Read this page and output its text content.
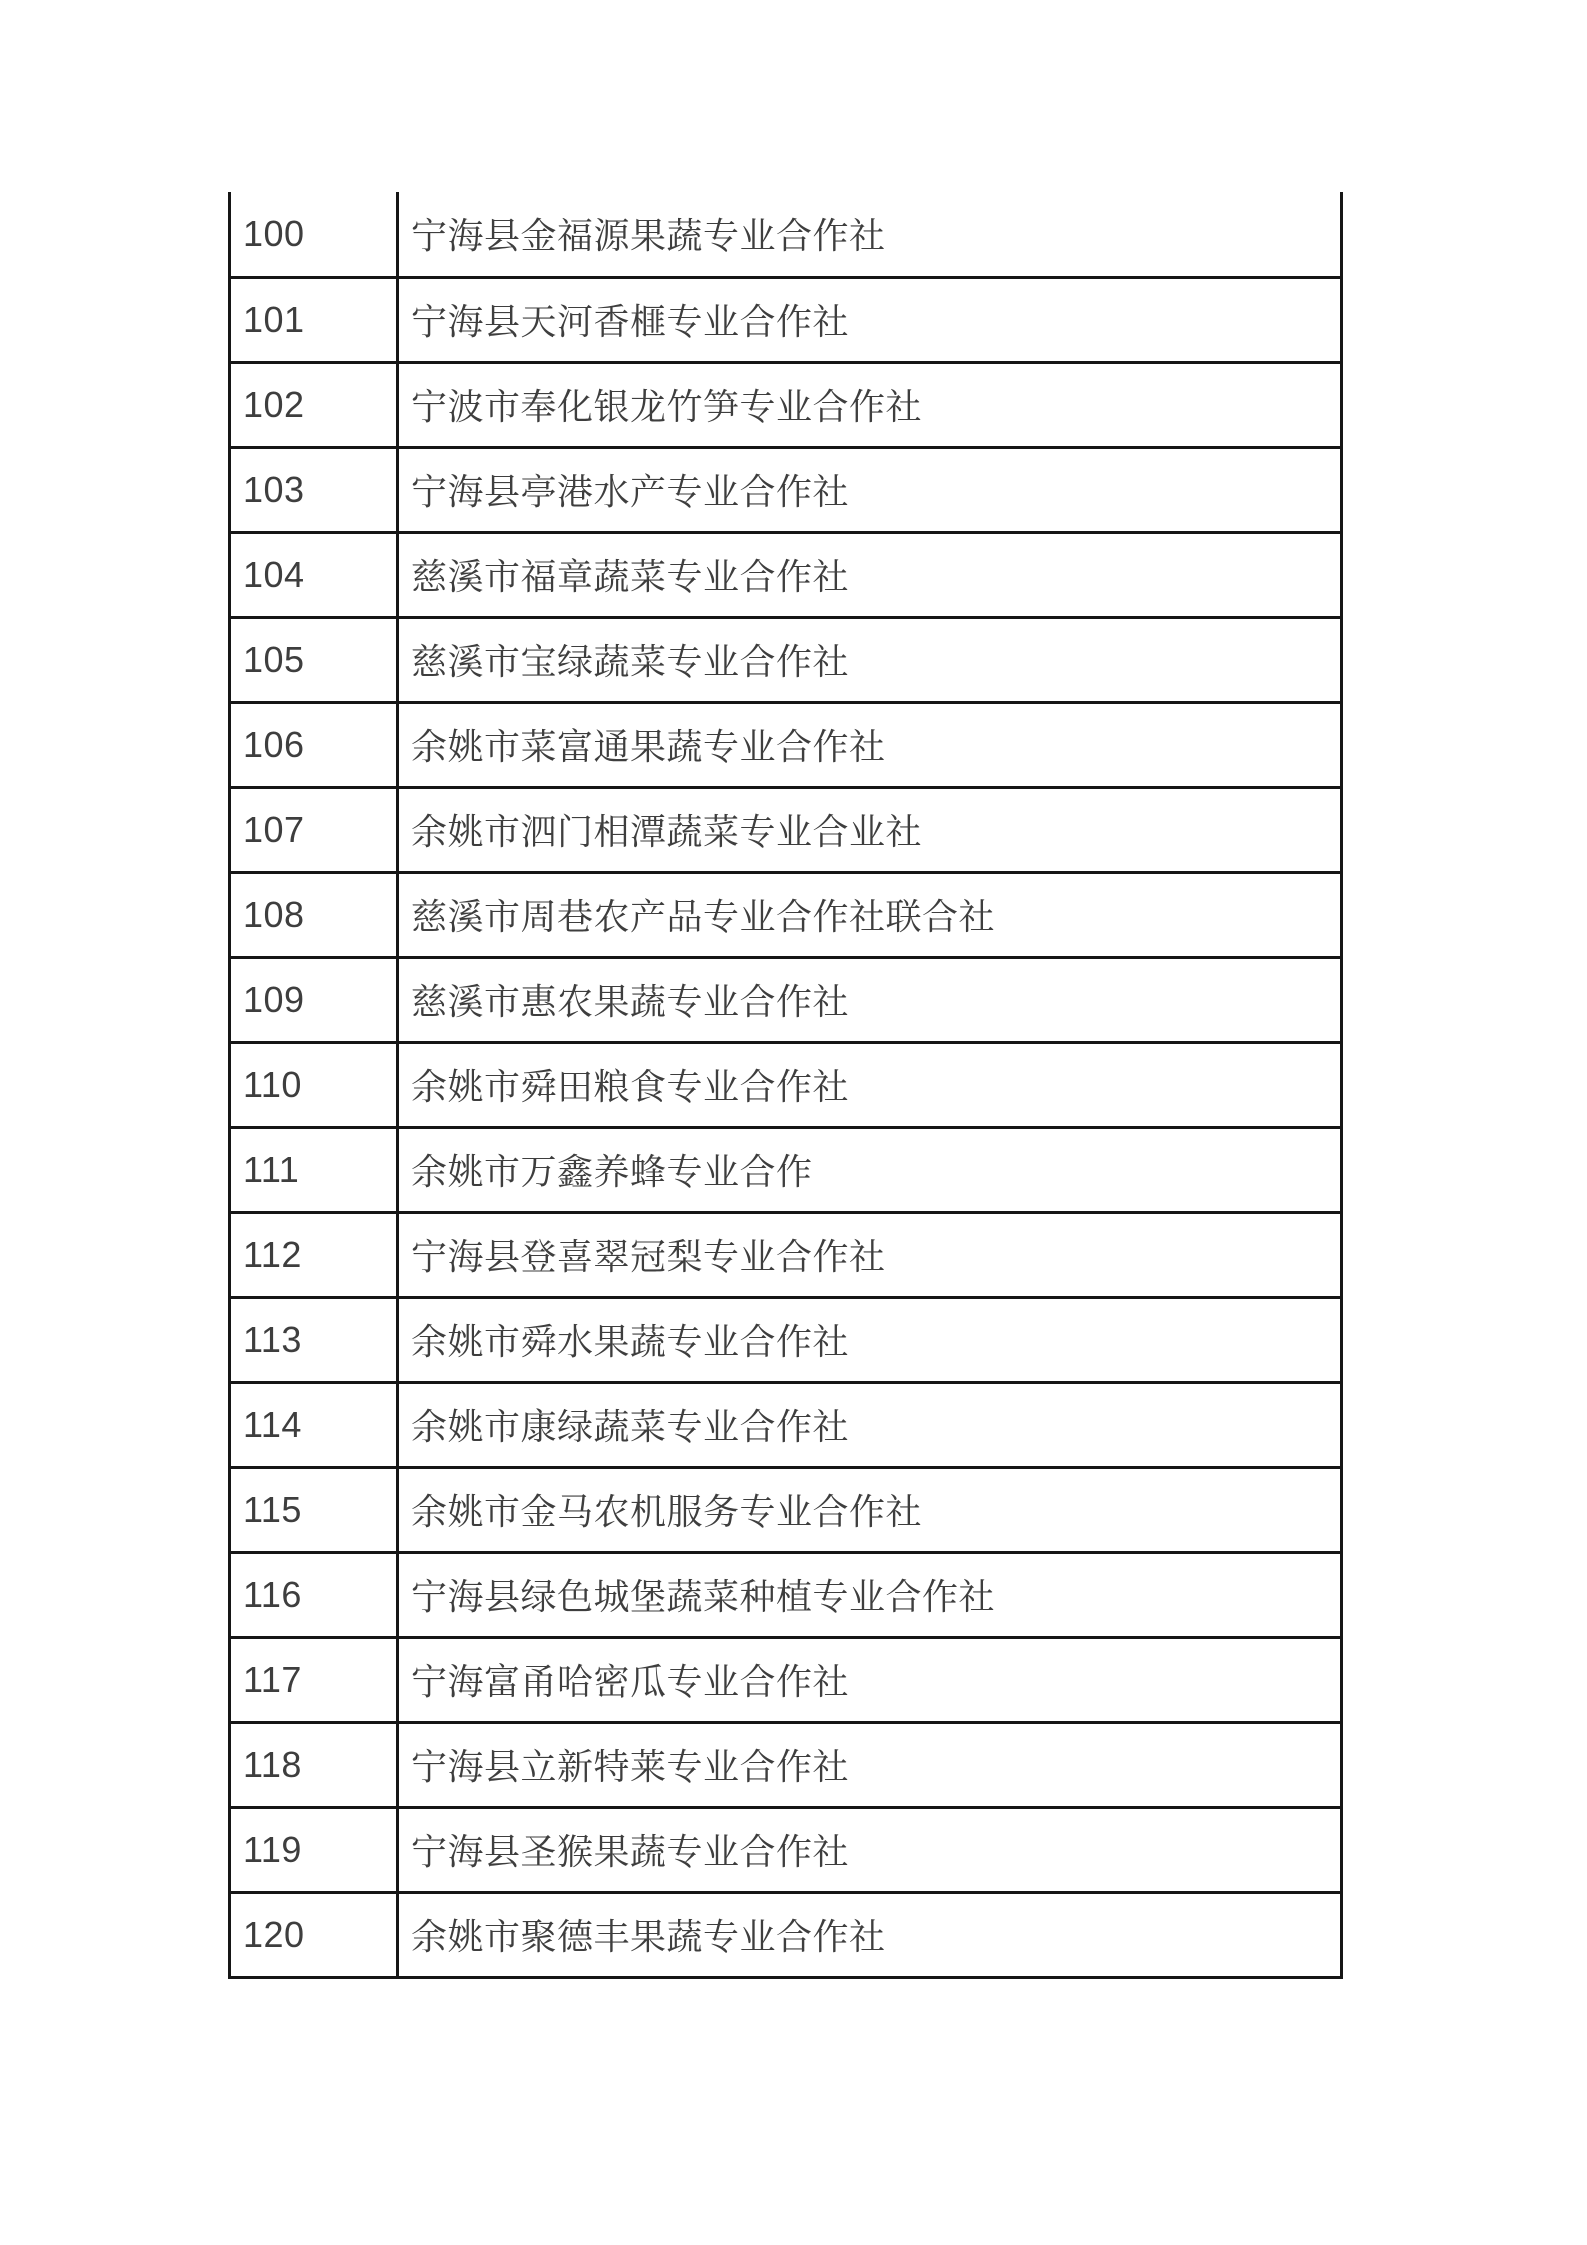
100	宁海县金福源果蔬专业合作社
101	宁海县天河香榧专业合作社
102	宁波市奉化银龙竹笋专业合作社
103	宁海县亭港水产专业合作社
104	慈溪市福章蔬菜专业合作社
105	慈溪市宝绿蔬菜专业合作社
106	余姚市菜富通果蔬专业合作社
107	余姚市泗门相潭蔬菜专业合业社
108	慈溪市周巷农产品专业合作社联合社
109	慈溪市惠农果蔬专业合作社
110	余姚市舜田粮食专业合作社
111	余姚市万鑫养蜂专业合作
112	宁海县登喜翠冠梨专业合作社
113	余姚市舜水果蔬专业合作社
114	余姚市康绿蔬菜专业合作社
115	余姚市金马农机服务专业合作社
116	宁海县绿色城堡蔬菜种植专业合作社
117	宁海富甬哈密瓜专业合作社
118	宁海县立新特莱专业合作社
119	宁海县圣猴果蔬专业合作社
120	余姚市聚德丰果蔬专业合作社
